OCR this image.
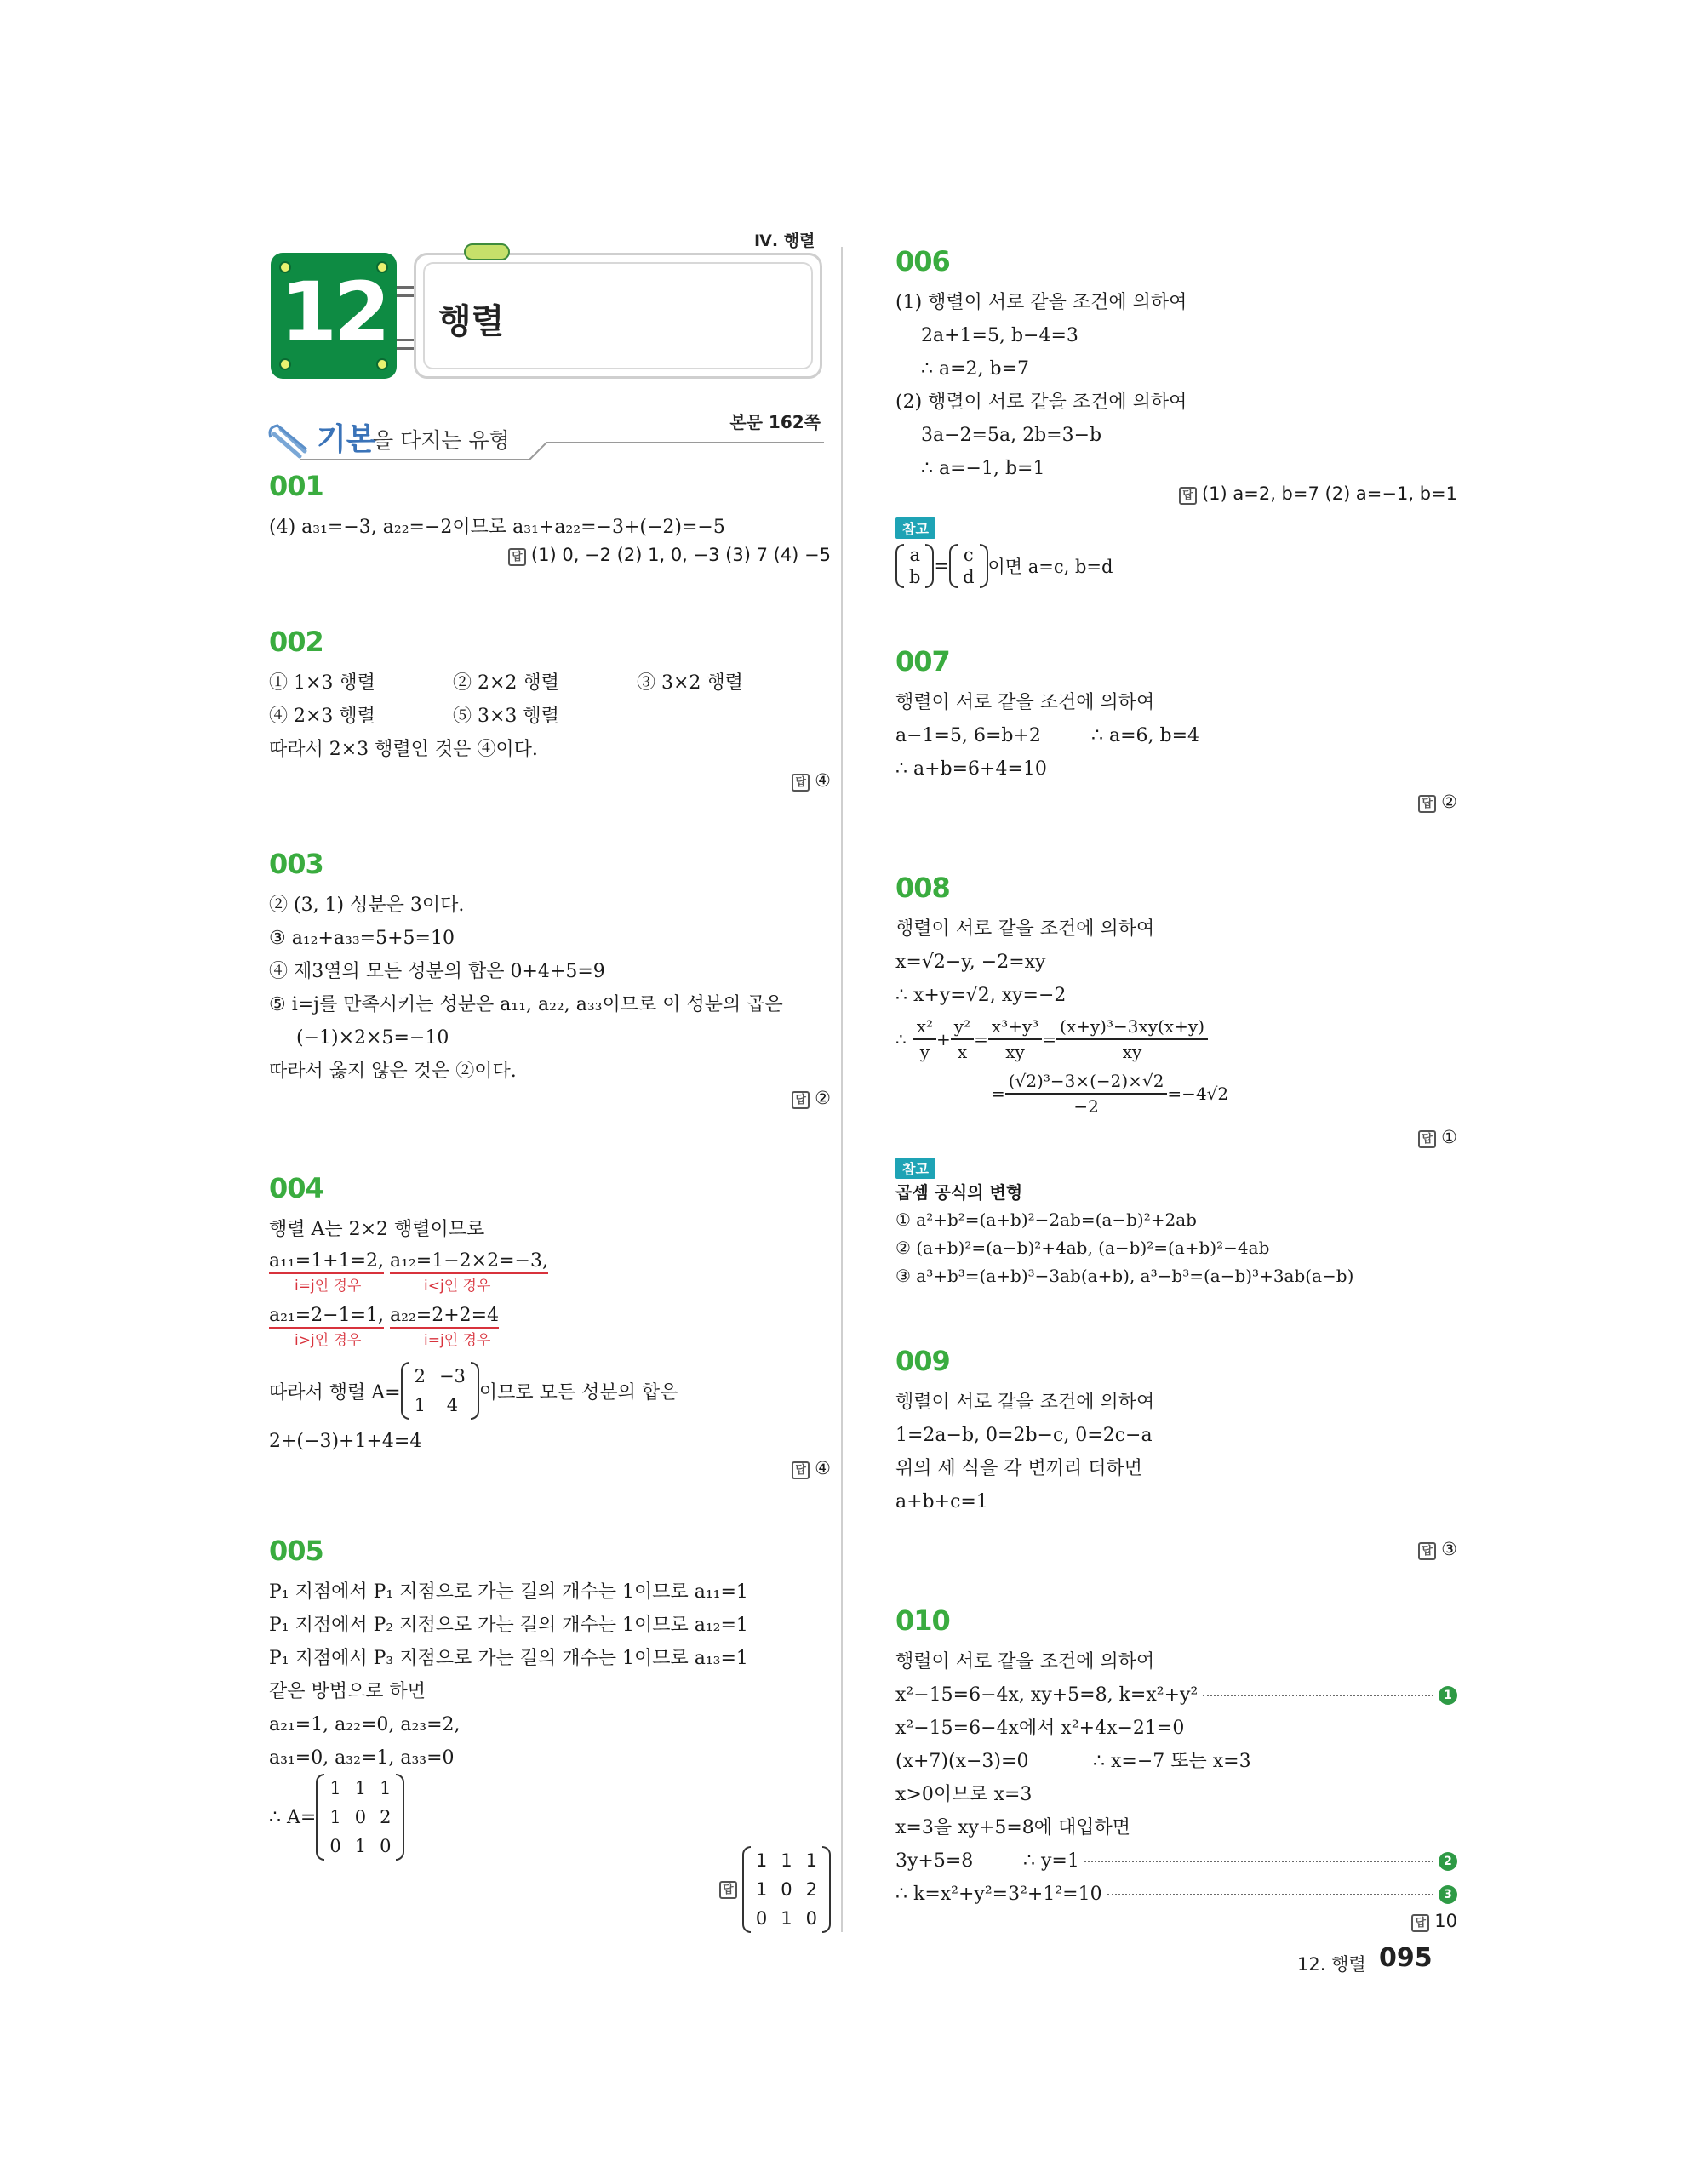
Ⅳ. 행렬
12 행렬
기본
을 다지는 유형
본문 162쪽
001
(4) a₃₁=−3, a₂₂=−2이므로 a₃₁+a₂₂=−3+(−2)=−5
답 (1) 0, −2 (2) 1, 0, −3 (3) 7 (4) −5
002
① 1×3 행렬	② 2×2 행렬	③ 3×2 행렬
④ 2×3 행렬	⑤ 3×3 행렬
따라서 2×3 행렬인 것은 ④이다.
답 ④
003
② (3, 1) 성분은 3이다.
③ a₁₂+a₃₃=5+5=10
④ 제3열의 모든 성분의 합은 0+4+5=9
⑤ i=j를 만족시키는 성분은 a₁₁, a₂₂, a₃₃이므로 이 성분의 곱은
(−1)×2×5=−10
따라서 옳지 않은 것은 ②이다.
답 ②
004
행렬 A는 2×2 행렬이므로
a₁₁=1+1=2, a₁₂=1−2×2=−3,
i=j인 경우	i<j인 경우
a₂₁=2−1=1, a₂₂=2+2=4
i>j인 경우	i=j인 경우
따라서 행렬 A=
2	−3
1	4
이므로 모든 성분의 합은
2+(−3)+1+4=4
답 ④
005
P₁ 지점에서 P₁ 지점으로 가는 길의 개수는 1이므로 a₁₁=1
P₁ 지점에서 P₂ 지점으로 가는 길의 개수는 1이므로 a₁₂=1
P₁ 지점에서 P₃ 지점으로 가는 길의 개수는 1이므로 a₁₃=1
같은 방법으로 하면
a₂₁=1, a₂₂=0, a₂₃=2,
a₃₁=0, a₃₂=1, a₃₃=0
∴ A=
1	1	1
1	0	2
0	1	0
답
1	1	1
1	0	2
0	1	0
006
(1) 행렬이 서로 같을 조건에 의하여
2a+1=5, b−4=3
∴ a=2, b=7
(2) 행렬이 서로 같을 조건에 의하여
3a−2=5a, 2b=3−b
∴ a=−1, b=1
답 (1) a=2, b=7 (2) a=−1, b=1
참고
a
b
=
c
d 이면 a=c, b=d
007
행렬이 서로 같을 조건에 의하여
a−1=5, 6=b+2	∴ a=6, b=4
∴ a+b=6+4=10
답 ②
008
행렬이 서로 같을 조건에 의하여
x=√2−y, −2=xy
∴ x+y=√2, xy=−2
∴ $\frac{\text{x²}}{y} + \frac{\text{y²}}{x} = \frac{\text{x³+y³}}{xy} = \frac{\text{(x+y)³−3xy(x+y)}}{xy}$
= $\frac{\text{(√2)³−3×(−2)×√2}}{-2} =-4√2$
답 ①
참고
곱셈 공식의 변형
① a²+b²=(a+b)²−2ab=(a−b)²+2ab
② (a+b)²=(a−b)²+4ab, (a−b)²=(a+b)²−4ab
③ a³+b³=(a+b)³−3ab(a+b), a³−b³=(a−b)³+3ab(a−b)
009
행렬이 서로 같을 조건에 의하여
1=2a−b, 0=2b−c, 0=2c−a
위의 세 식을 각 변끼리 더하면
a+b+c=1
답 ③
010
행렬이 서로 같을 조건에 의하여
x²−15=6−4x, xy+5=8, k=x²+y²	1
x²−15=6−4x에서 x²+4x−21=0
(x+7)(x−3)=0	∴ x=−7 또는 x=3
x>0이므로 x=3
x=3을 xy+5=8에 대입하면
3y+5=8	∴ y=1	2
∴ k=x²+y²=3²+1²=10	3
답 10
12. 행렬 095
